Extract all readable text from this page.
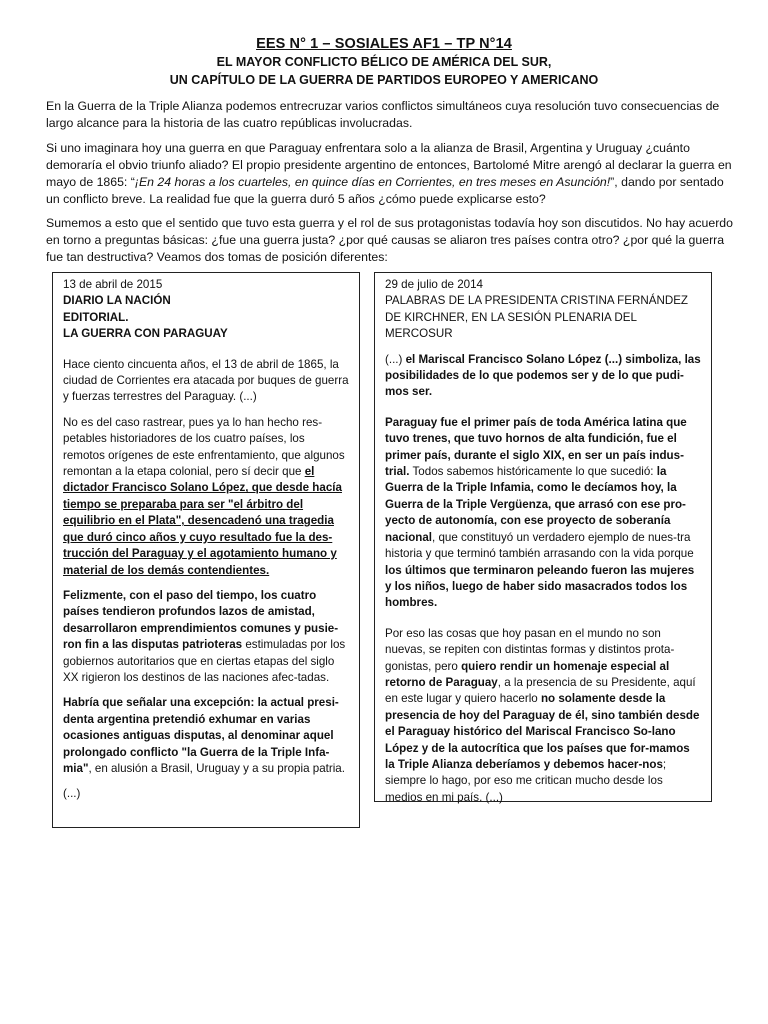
EES N° 1 – SOSIALES AF1 – TP N°14
EL MAYOR CONFLICTO BÉLICO DE AMÉRICA DEL SUR,
UN CAPÍTULO DE LA GUERRA DE PARTIDOS EUROPEO Y AMERICANO
En la Guerra de la Triple Alianza podemos entrecruzar varios conflictos simultáneos cuya resolución tuvo consecuencias de largo alcance para la historia de las cuatro repúblicas involucradas.
Si uno imaginara hoy una guerra en que Paraguay enfrentara solo a la alianza de Brasil, Argentina y Uruguay ¿cuánto demoraría el obvio triunfo aliado? El propio presidente argentino de entonces, Bartolomé Mitre arengó al declarar la guerra en mayo de 1865: “¡En 24 horas a los cuarteles, en quince días en Corrientes, en tres meses en Asunción!”, dando por sentado un conflicto breve. La realidad fue que la guerra duró 5 años ¿cómo puede explicarse esto?
Sumemos a esto que el sentido que tuvo esta guerra y el rol de sus protagonistas todavía hoy son discutidos. No hay acuerdo en torno a preguntas básicas: ¿fue una guerra justa? ¿por qué causas se aliaron tres países contra otro? ¿por qué la guerra fue tan destructiva? Veamos dos tomas de posición diferentes:

13 de abril de 2015

DIARIO LA NACIÓN

EDITORIAL.

LA GUERRA CON PARAGUAY

Hace ciento cincuenta años, el 13 de abril de 1865, la ciudad de Corrientes era atacada por buques de guerra y fuerzas terrestres del Paraguay. (...)

No es del caso rastrear, pues ya lo han hecho res-petables historiadores de los cuatro países, los remotos orígenes de este enfrentamiento, que algunos remontan a la etapa colonial, pero sí decir que el dictador Francisco Solano López, que desde hacía tiempo se preparaba para ser "el árbitro del equilibrio en el Plata", desencadenó una tragedia que duró cinco años y cuyo resultado fue la des-trucción del Paraguay y el agotamiento humano y material de los demás contendientes.

Felizmente, con el paso del tiempo, los cuatro países tendieron profundos lazos de amistad, desarrollaron emprendimientos comunes y pusie-ron fin a las disputas patrioteras estimuladas por los gobiernos autoritarios que en ciertas etapas del siglo XX rigieron los destinos de las naciones afec-tadas.

Habría que señalar una excepción: la actual presi-denta argentina pretendió exhumar en varias ocasiones antiguas disputas, al denominar aquel prolongado conflicto "la Guerra de la Triple Infa-mia", en alusión a Brasil, Uruguay y a su propia patria.

(...)

29 de julio de 2014

PALABRAS DE LA PRESIDENTA CRISTINA FERNÁNDEZ DE KIRCHNER, EN LA SESIÓN PLENARIA DEL MERCOSUR

(...) el Mariscal Francisco Solano López (...) simboliza, las posibilidades de lo que podemos ser y de lo que pudi-mos ser.

Paraguay fue el primer país de toda América latina que tuvo trenes, que tuvo hornos de alta fundición, fue el primer país, durante el siglo XIX, en ser un país indus-trial. Todos sabemos históricamente lo que sucedió: la Guerra de la Triple Infamia, como le decíamos hoy, la Guerra de la Triple Vergüenza, que arrasó con ese pro-yecto de autonomía, con ese proyecto de soberanía nacional, que constituyó un verdadero ejemplo de nues-tra historia y que terminó también arrasando con la vida porque los últimos que terminaron peleando fueron las mujeres y los niños, luego de haber sido masacrados todos los hombres.

Por eso las cosas que hoy pasan en el mundo no son nuevas, se repiten con distintas formas y distintos prota-gonistas, pero quiero rendir un homenaje especial al retorno de Paraguay, a la presencia de su Presidente, aquí en este lugar y quiero hacerlo no solamente desde la presencia de hoy del Paraguay de él, sino también desde el Paraguay histórico del Mariscal Francisco So-lano López y de la autocrítica que los países que for-mamos la Triple Alianza deberíamos y debemos hacer-nos; siempre lo hago, por eso me critican mucho desde los medios en mi país. (...)
